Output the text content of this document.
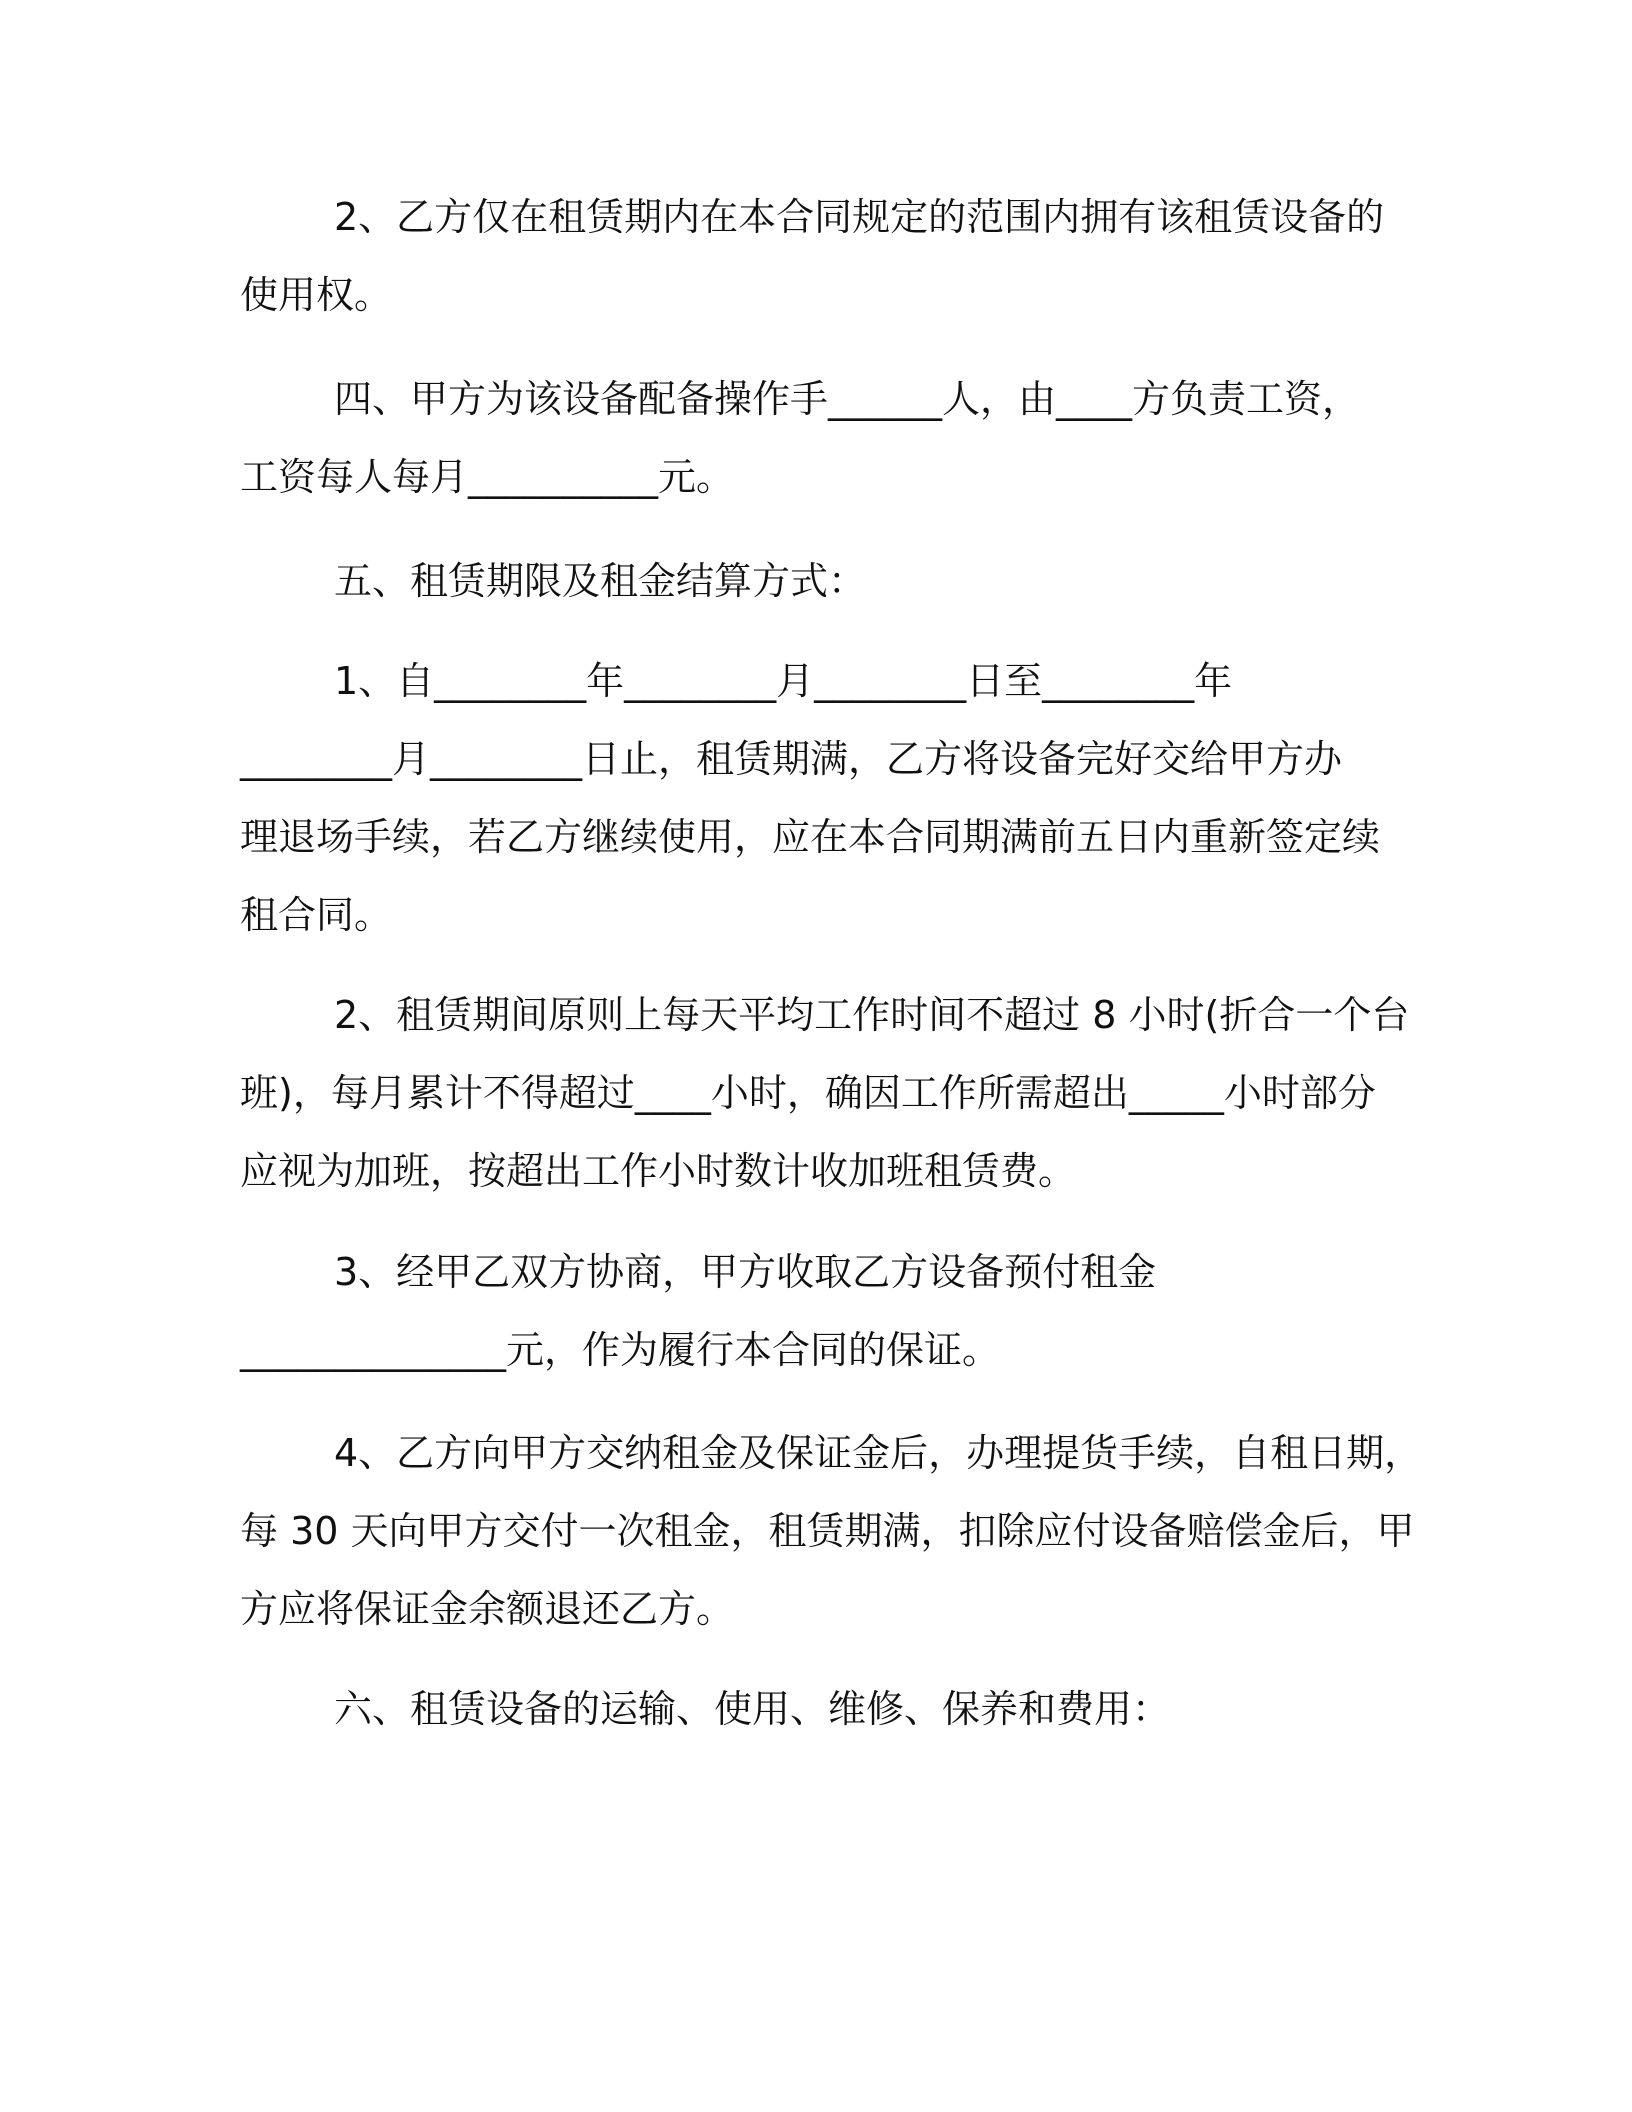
2、乙方仅在租赁期内在本合同规定的范围内拥有该租赁设备的
使用权。
四、甲方为该设备配备操作手______人，由____方负责工资，
工资每人每月__________元。
五、租赁期限及租金结算方式：
1、自________年________月________日至________年
________月________日止，租赁期满，乙方将设备完好交给甲方办
理退场手续，若乙方继续使用，应在本合同期满前五日内重新签定续
租合同。
2、租赁期间原则上每天平均工作时间不超过 8 小时(折合一个台
班)，每月累计不得超过____小时，确因工作所需超出_____小时部分
应视为加班，按超出工作小时数计收加班租赁费。
3、经甲乙双方协商，甲方收取乙方设备预付租金
______________元，作为履行本合同的保证。
4、乙方向甲方交纳租金及保证金后，办理提货手续，自租日期，
每 30 天向甲方交付一次租金，租赁期满，扣除应付设备赔偿金后，甲
方应将保证金余额退还乙方。
六、租赁设备的运输、使用、维修、保养和费用：
